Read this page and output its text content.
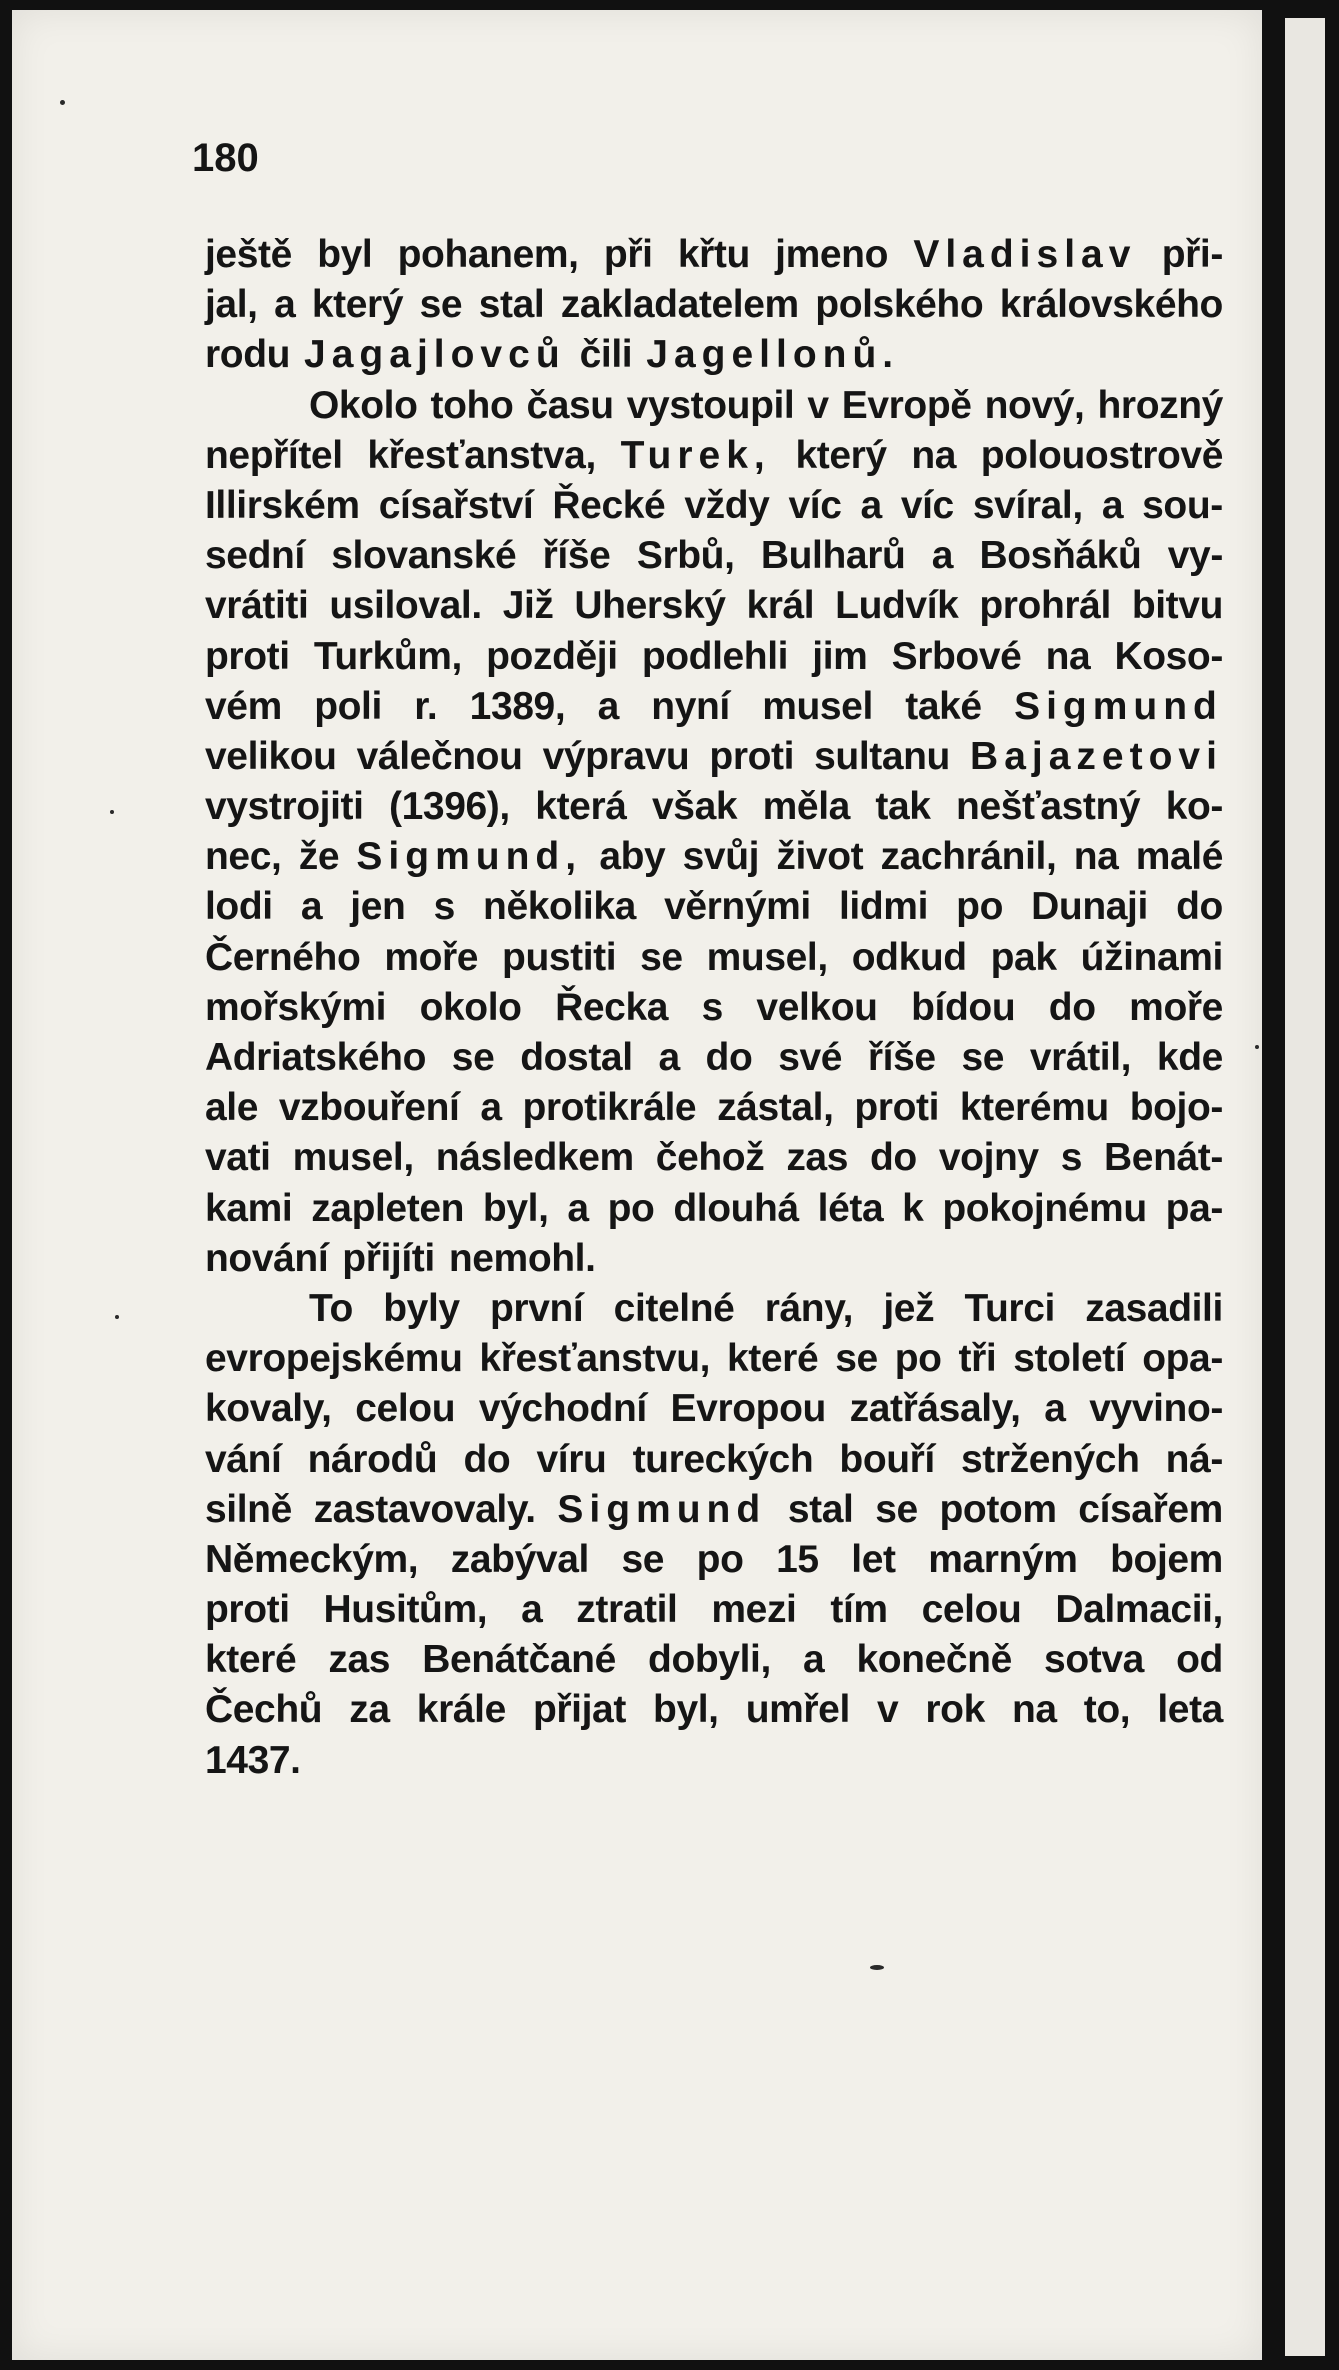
180
ještě byl pohanem, při křtu jmeno Vladislav při-
jal, a který se stal zakladatelem polského královského
rodu Jagajlovců čili Jagellonů.
Okolo toho času vystoupil v Evropě nový, hrozný
nepřítel křesťanstva, Turek, který na polouostrově
Illirském císařství Řecké vždy víc a víc svíral, a sou-
sední slovanské říše Srbů, Bulharů a Bosňáků vy-
vrátiti usiloval. Již Uherský král Ludvík prohrál bitvu
proti Turkům, později podlehli jim Srbové na Koso-
vém poli r. 1389, a nyní musel také Sigmund
velikou válečnou výpravu proti sultanu Bajazetovi
vystrojiti (1396), která však měla tak nešťastný ko-
nec, že Sigmund, aby svůj život zachránil, na malé
lodi a jen s několika věrnými lidmi po Dunaji do
Černého moře pustiti se musel, odkud pak úžinami
mořskými okolo Řecka s velkou bídou do moře
Adriatského se dostal a do své říše se vrátil, kde
ale vzbouření a protikrále zástal, proti kterému bojo-
vati musel, následkem čehož zas do vojny s Benát-
kami zapleten byl, a po dlouhá léta k pokojnému pa-
nování přijíti nemohl.
To byly první citelné rány, jež Turci zasadili
evropejskému křesťanstvu, které se po tři století opa-
kovaly, celou východní Evropou zatřásaly, a vyvino-
vání národů do víru tureckých bouří stržených ná-
silně zastavovaly. Sigmund stal se potom císařem
Německým, zabýval se po 15 let marným bojem
proti Husitům, a ztratil mezi tím celou Dalmacii,
které zas Benátčané dobyli, a konečně sotva od
Čechů za krále přijat byl, umřel v rok na to, leta
1437.
